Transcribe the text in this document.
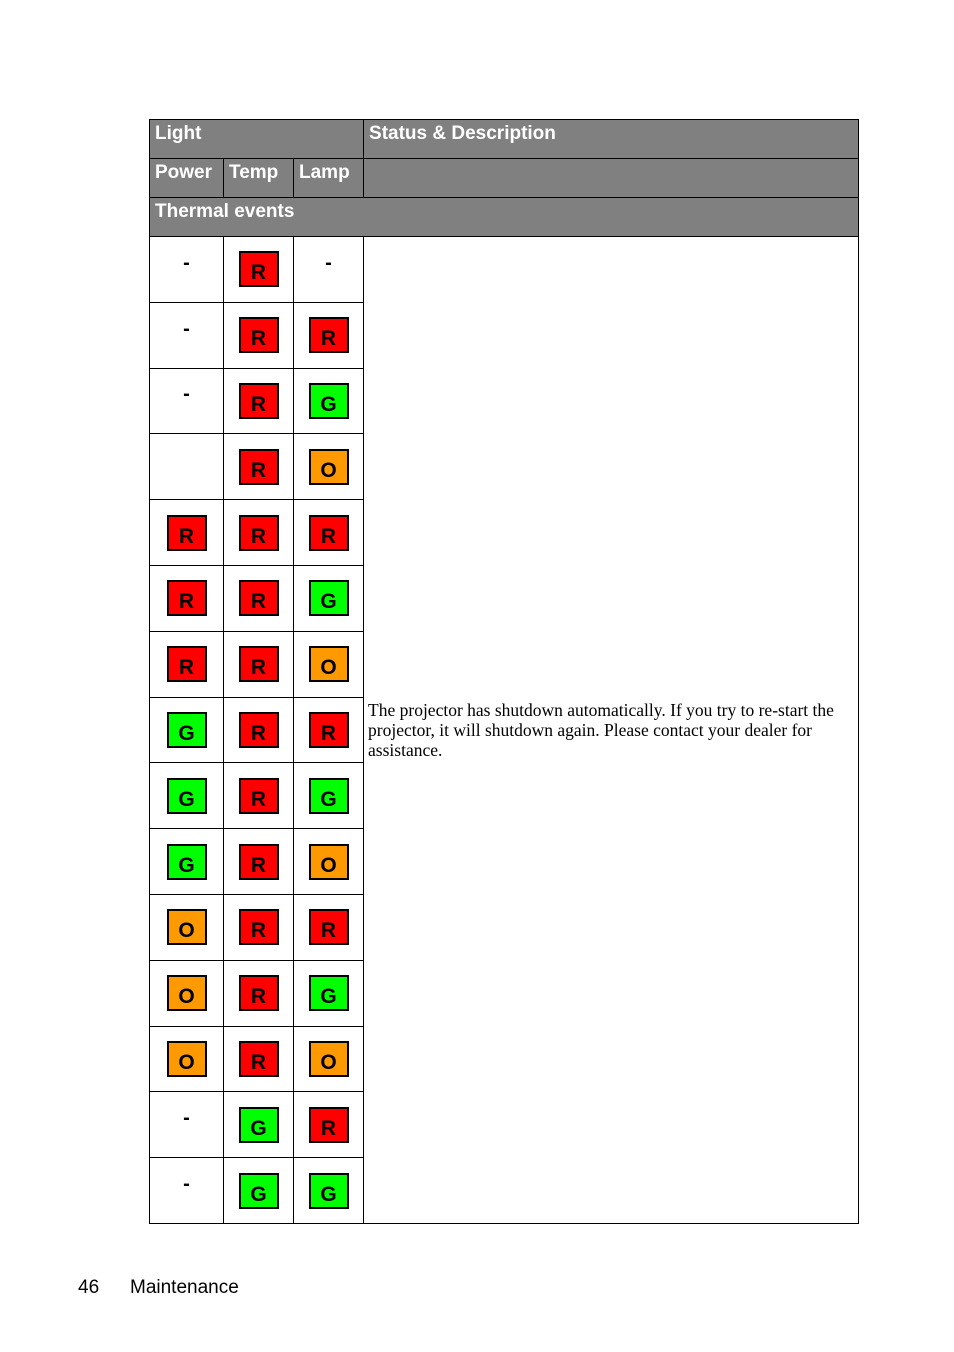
Light			Status & Description
Power	Temp	Lamp	
Thermal events			
-	R	-	The projector has shutdown automatically. If you try to re-start the projector, it will shutdown again. Please contact your dealer for assistance.
-	R	R	
-	R	G	
	R	O	
R	R	R	
R	R	G	
R	R	O	
G	R	R	
G	R	G	
G	R	O	
O	R	R	
O	R	G	
O	R	O	
-	G	R	
-	G	G	
46 Maintenance
